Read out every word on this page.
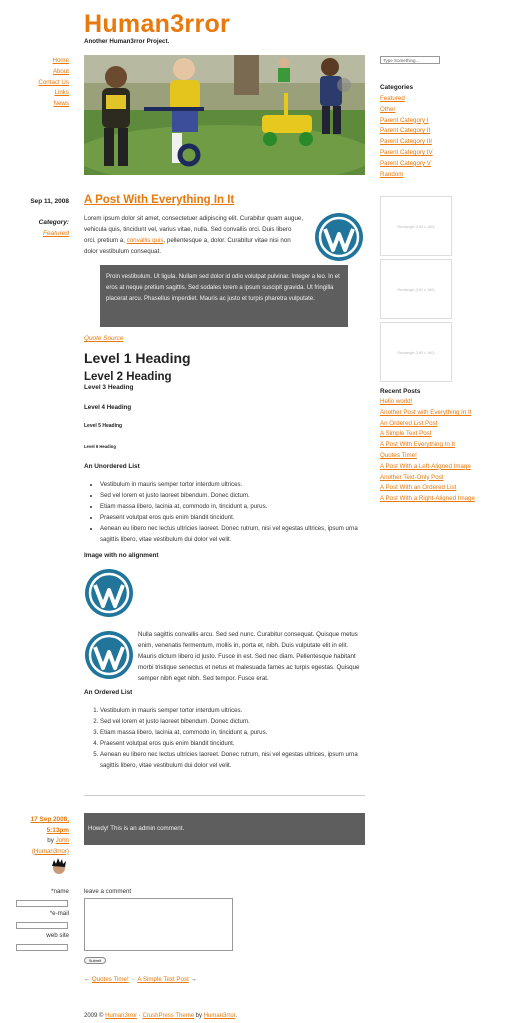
Human3rror
Another Human3rror Project.
Home
About
Contact Us
Links
News
Type Something...
Categories
Featured
Other
Parent Category I
Parent Category II
Parent Category III
Parent Category IV
Parent Category V
Random
Rectangle (160 x 160)
Rectangle (160 x 160)
Rectangle (160 x 160)
Recent Posts
Hello world!
Another Post with Everything In It
An Ordered List Post
A Simple Text Post
A Post With Everything In It
Quotes Time!
A Post With a Left-Aligned Image
Another Text-Only Post
A Post With an Ordered List
A Post With a Right-Aligned Image
Sep 11, 2008
Category:
Featured
A Post With Everything In It
Lorem ipsum dolor sit amet, consectetuer adipiscing elit. Curabitur quam augue,
vehicula quis, tincidunt vel, varius vitae, nulla. Sed convallis orci. Duis libero
orci, pretium a, convallis quis, pellentesque a, dolor. Curabitur vitae nisi non
dolor vestibulum consequat.
Proin vestibulum. Ut ligula. Nullam sed dolor id odio volutpat pulvinar. Integer a leo. In et eros at neque pretium sagittis. Sed sodales lorem a ipsum suscipit gravida. Ut fringilla placerat arcu. Phasellus imperdiet. Mauris ac justo et turpis pharetra vulputate.
Quote Source
Level 1 Heading
Level 2 Heading
Level 3 Heading
Level 4 Heading
Level 5 Heading
Level 6 Heading
An Unordered List
• Vestibulum in mauris semper tortor interdum ultrices.
• Sed vel lorem et justo laoreet bibendum. Donec dictum.
• Etiam massa libero, lacinia at, commodo in, tincidunt a, purus.
• Praesent volutpat eros quis enim blandit tincidunt.
• Aenean eu libero nec lectus ultricies laoreet. Donec rutrum, nisi vel egestas ultrices, ipsum urna sagittis libero, vitae vestibulum dui dolor vel velit.
Image with no alignment
Nulla sagittis convallis arcu. Sed sed nunc. Curabitur consequat. Quisque metus enim, venenatis fermentum, mollis in, porta et, nibh. Duis vulputate elit in elit. Mauris dictum libero id justo. Fusce in est. Sed nec diam. Pellentesque habitant morbi tristique senectus et netus et malesuada fames ac turpis egestas. Quisque semper nibh eget nibh. Sed tempor. Fusce erat.
An Ordered List
1. Vestibulum in mauris semper tortor interdum ultrices.
2. Sed vel lorem et justo laoreet bibendum. Donec dictum.
3. Etiam massa libero, lacinia at, commodo in, tincidunt a, purus.
4. Praesent volutpat eros quis enim blandit tincidunt.
5. Aenean eu libero nec lectus ultricies laoreet. Donec rutrum, nisi vel egestas ultrices, ipsum urna sagittis libero, vitae vestibulum dui dolor vel velit.
17 Sep 2008,
5:13pm
by John
(Human3rror)
Howdy! This is an admin comment.
*name
*e-mail
web site
leave a comment
Submit
← Quotes Time! · A Simple Text Post →
2009 © Human3rror · CrushPress Theme by Human3rror.
